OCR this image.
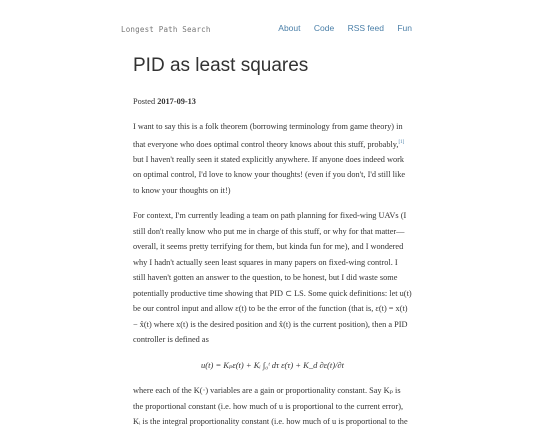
Longest Path Search	About Code RSS feed Fun
PID as least squares
Posted 2017-09-13

I want to say this is a folk theorem (borrowing terminology from game theory) in that everyone who does optimal control theory knows about this stuff, probably,[1] but I haven't really seen it stated explicitly anywhere. If anyone does indeed work on optimal control, I'd love to know your thoughts! (even if you don't, I'd still like to know your thoughts on it!)

For context, I'm currently leading a team on path planning for fixed-wing UAVs (I still don't really know who put me in charge of this stuff, or why for that matter—overall, it seems pretty terrifying for them, but kinda fun for me), and I wondered why I hadn't actually seen least squares in many papers on fixed-wing control. I still haven't gotten an answer to the question, to be honest, but I did waste some potentially productive time showing that PID ⊂ LS. Some quick definitions: let u(t) be our control input and allow ε(t) to be the error of the function (that is, ε(t) = x(t) − x̂(t) where x(t) is the desired position and x̂(t) is the current position), then a PID controller is defined as

u(t) = Kₚε(t) + Kᵢ ∫₀ᵗ dτ ε(τ) + K_d ∂ε(t)/∂t

where each of the K(·) variables are a gain or proportionality constant. Say Kₚ is the proportional constant (i.e. how much of u is proportional to the current error), Kᵢ is the integral proportionality constant (i.e. how much of u is proportional to the
